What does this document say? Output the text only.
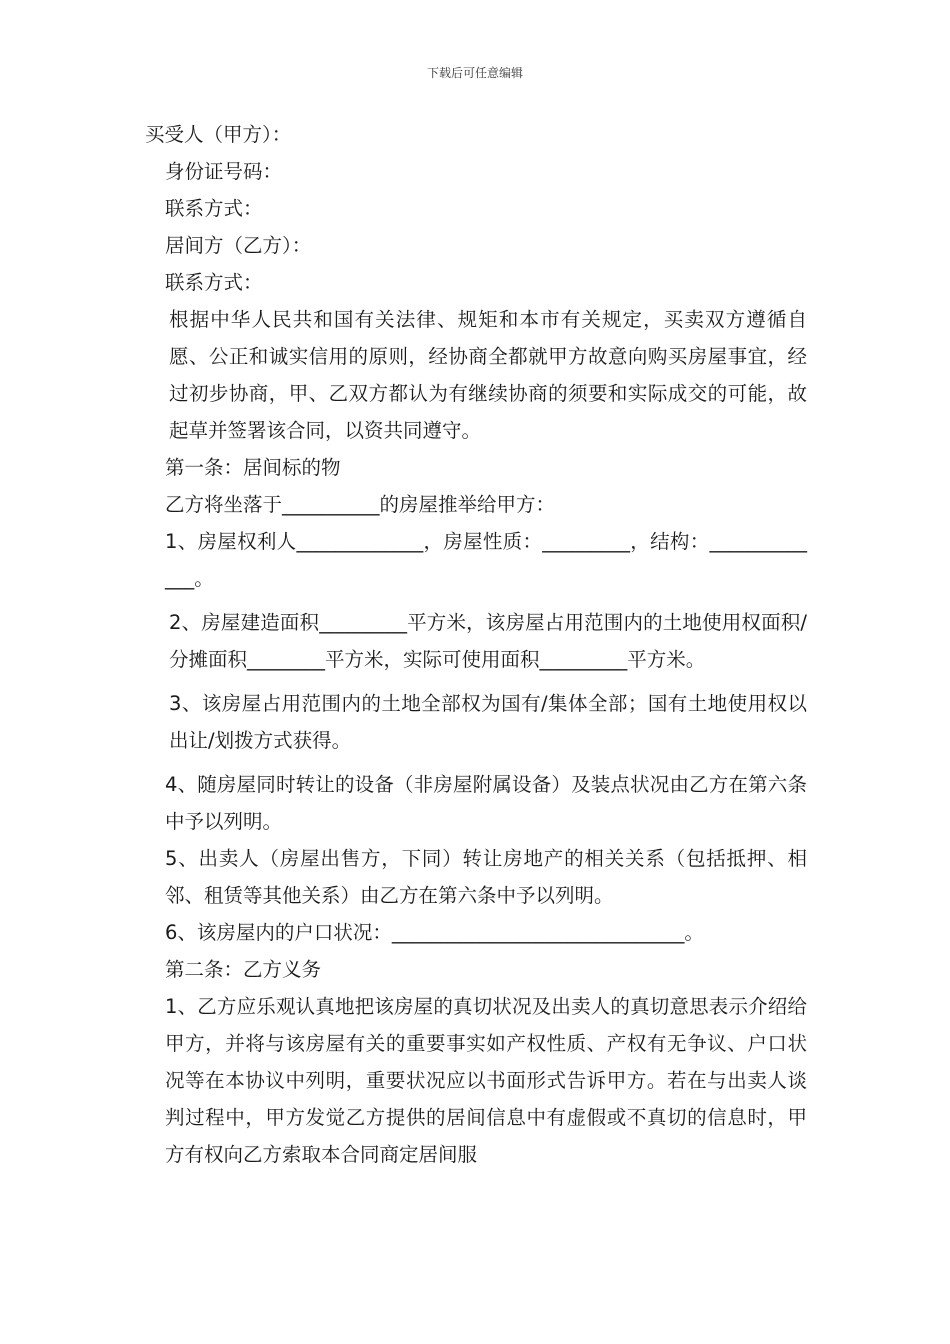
下载后可任意编辑
买受人（甲方）：
身份证号码：
联系方式：
居间方（乙方）：
联系方式：

根据中华人民共和国有关法律、规矩和本市有关规定，买卖双方遵循自愿、公正和诚实信用的原则，经协商全都就甲方故意向购买房屋事宜，经过初步协商，甲、乙双方都认为有继续协商的须要和实际成交的可能，故起草并签署该合同，以资共同遵守。

第一条：居间标的物
乙方将坐落于__________的房屋推举给甲方：

1、房屋权利人_____________，房屋性质：_________，结构：_____________。

2、房屋建造面积_________平方米，该房屋占用范围内的土地使用权面积/分摊面积________平方米，实际可使用面积_________平方米。

3、该房屋占用范围内的土地全部权为国有/集体全部；国有土地使用权以出让/划拨方式获得。

4、随房屋同时转让的设备（非房屋附属设备）及装点状况由乙方在第六条中予以列明。

5、出卖人（房屋出售方，下同）转让房地产的相关关系（包括抵押、相邻、租赁等其他关系）由乙方在第六条中予以列明。

6、该房屋内的户口状况：______________________________。
第二条：乙方义务

1、乙方应乐观认真地把该房屋的真切状况及出卖人的真切意思表示介绍给甲方，并将与该房屋有关的重要事实如产权性质、产权有无争议、户口状况等在本协议中列明，重要状况应以书面形式告诉甲方。若在与出卖人谈判过程中，甲方发觉乙方提供的居间信息中有虚假或不真切的信息时，甲方有权向乙方索取本合同商定居间服
